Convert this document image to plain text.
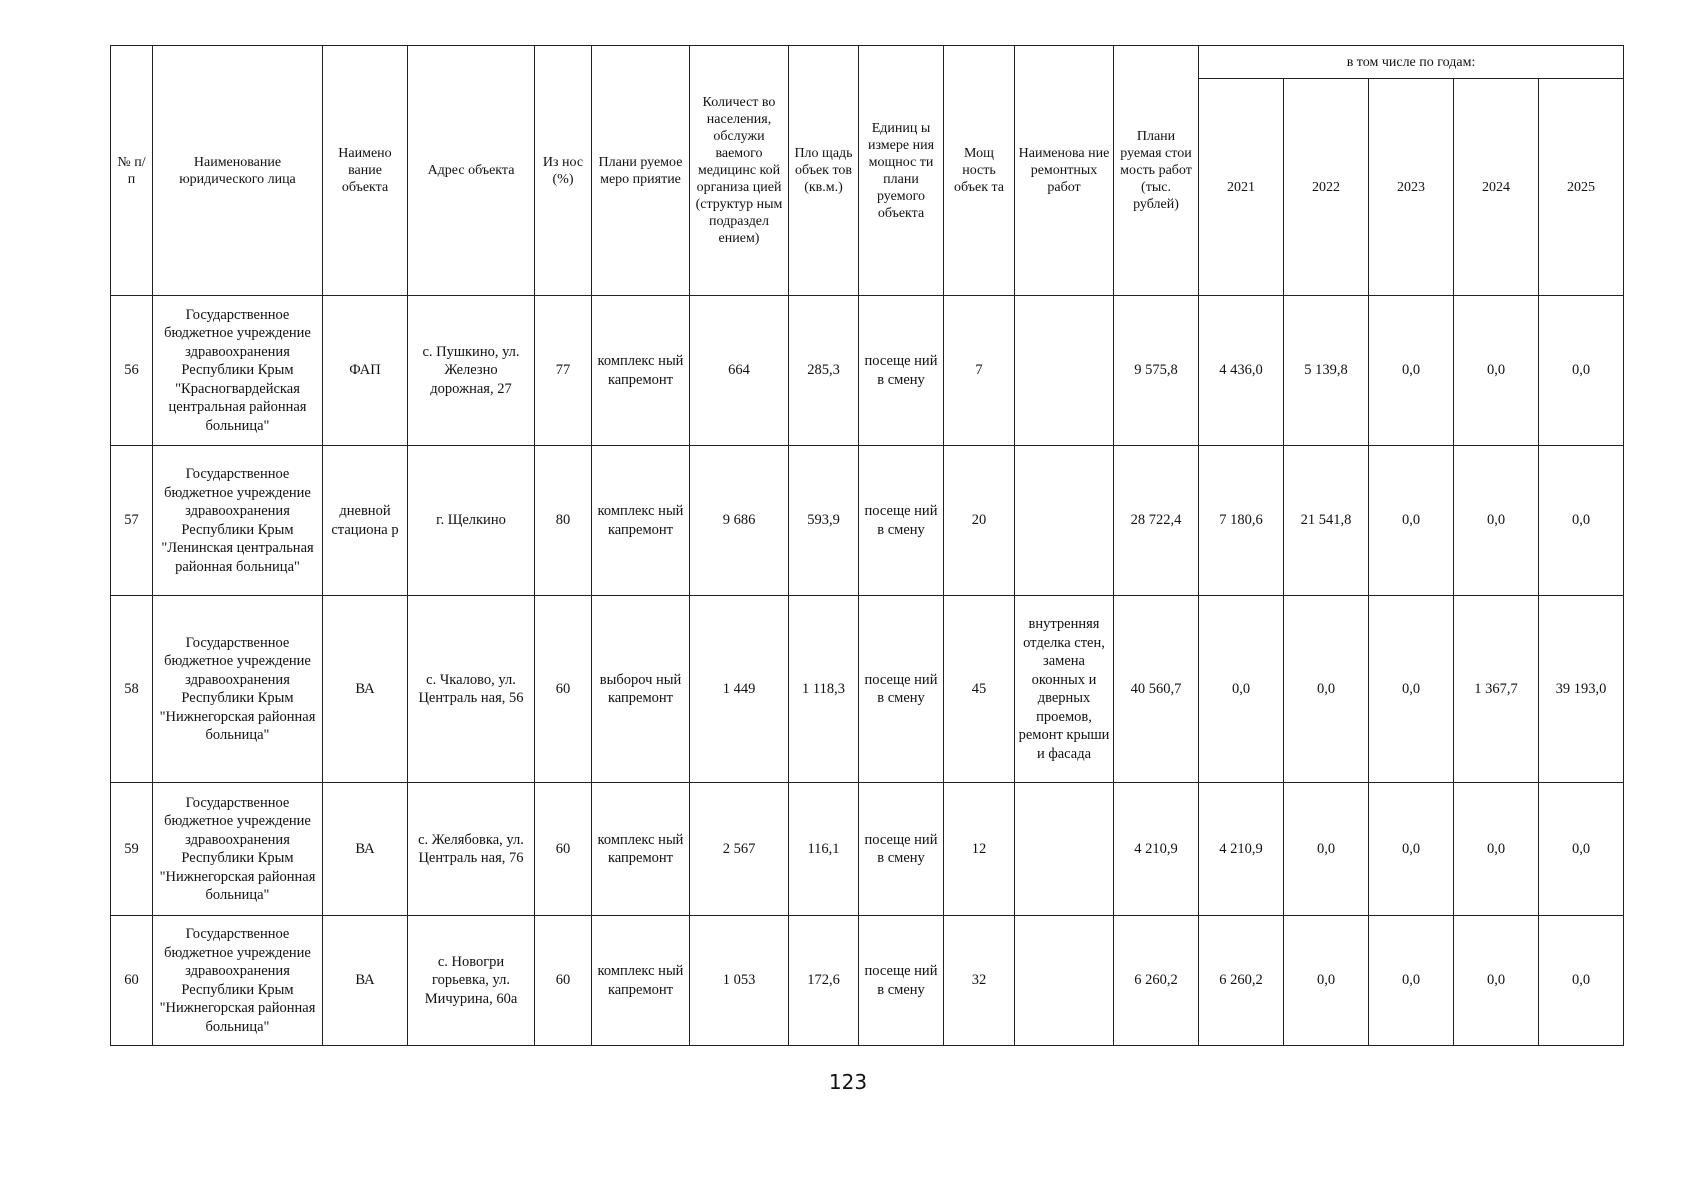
№ п/п	Наименование юридического лица	Наимено вание объекта	Адрес объекта	Из нос (%)	Плани руемое меро приятие	Количест во населения, обслужи ваемого медицинс кой организа цией (структур ным подраздел ением)	Пло щадь объек тов (кв.м.)	Единиц ы измере ния мощнос ти плани руемого объекта	Мощ ность объек та	Наименова ние ремонтных работ	Плани руемая стои мость работ (тыс. рублей)	в том числе по годам:				
												2021	2022	2023	2024	2025
56	Государственное бюджетное учреждение здравоохранения Республики Крым "Красногвардейская центральная районная больница"	ФАП	с. Пушкино, ул. Железно дорожная, 27	77	комплекс ный капремонт	664	285,3	посеще ний в смену	7		9 575,8	4 436,0	5 139,8	0,0	0,0	0,0
57	Государственное бюджетное учреждение здравоохранения Республики Крым "Ленинская центральная районная больница"	дневной стациона р	г. Щелкино	80	комплекс ный капремонт	9 686	593,9	посеще ний в смену	20		28 722,4	7 180,6	21 541,8	0,0	0,0	0,0
58	Государственное бюджетное учреждение здравоохранения Республики Крым "Нижнегорская районная больница"	ВА	с. Чкалово, ул. Централь ная, 56	60	выбороч ный капремонт	1 449	1 118,3	посеще ний в смену	45	внутренняя отделка стен, замена оконных и дверных проемов, ремонт крыши и фасада	40 560,7	0,0	0,0	0,0	1 367,7	39 193,0
59	Государственное бюджетное учреждение здравоохранения Республики Крым "Нижнегорская районная больница"	ВА	с. Желябовка, ул. Централь ная, 76	60	комплекс ный капремонт	2 567	116,1	посеще ний в смену	12		4 210,9	4 210,9	0,0	0,0	0,0	0,0
60	Государственное бюджетное учреждение здравоохранения Республики Крым "Нижнегорская районная больница"	ВА	с. Новогри горьевка, ул. Мичурина, 60а	60	комплекс ный капремонт	1 053	172,6	посеще ний в смену	32		6 260,2	6 260,2	0,0	0,0	0,0	0,0
123
